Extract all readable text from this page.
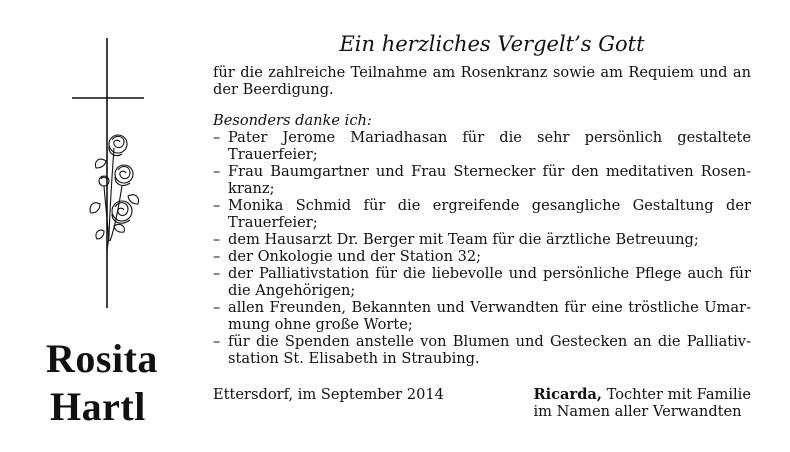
Rosita
Hartl
Ein herzliches Vergelt’s Gott

für die zahlreiche Teilnahme am Rosenkranz sowie am Requiem und an der Beerdigung.

Besonders danke ich:

– Pater Jerome Mariadhasan für die sehr persönlich gestaltete Trauerfeier;
– Frau Baumgartner und Frau Sternecker für den meditativen Rosenkranz;
– Monika Schmid für die ergreifende gesangliche Gestaltung der Trauerfeier;
– dem Hausarzt Dr. Berger mit Team für die ärztliche Betreuung;
– der Onkologie und der Station 32;
– der Palliativstation für die liebevolle und persönliche Pflege auch für die Angehörigen;
– allen Freunden, Bekannten und Verwandten für eine tröstliche Umarmung ohne große Worte;
– für die Spenden anstelle von Blumen und Gestecken an die Palliativstation St. Elisabeth in Straubing.
Ettersdorf, im September 2014	Ricarda, Tochter mit Familie
im Namen aller Verwandten
